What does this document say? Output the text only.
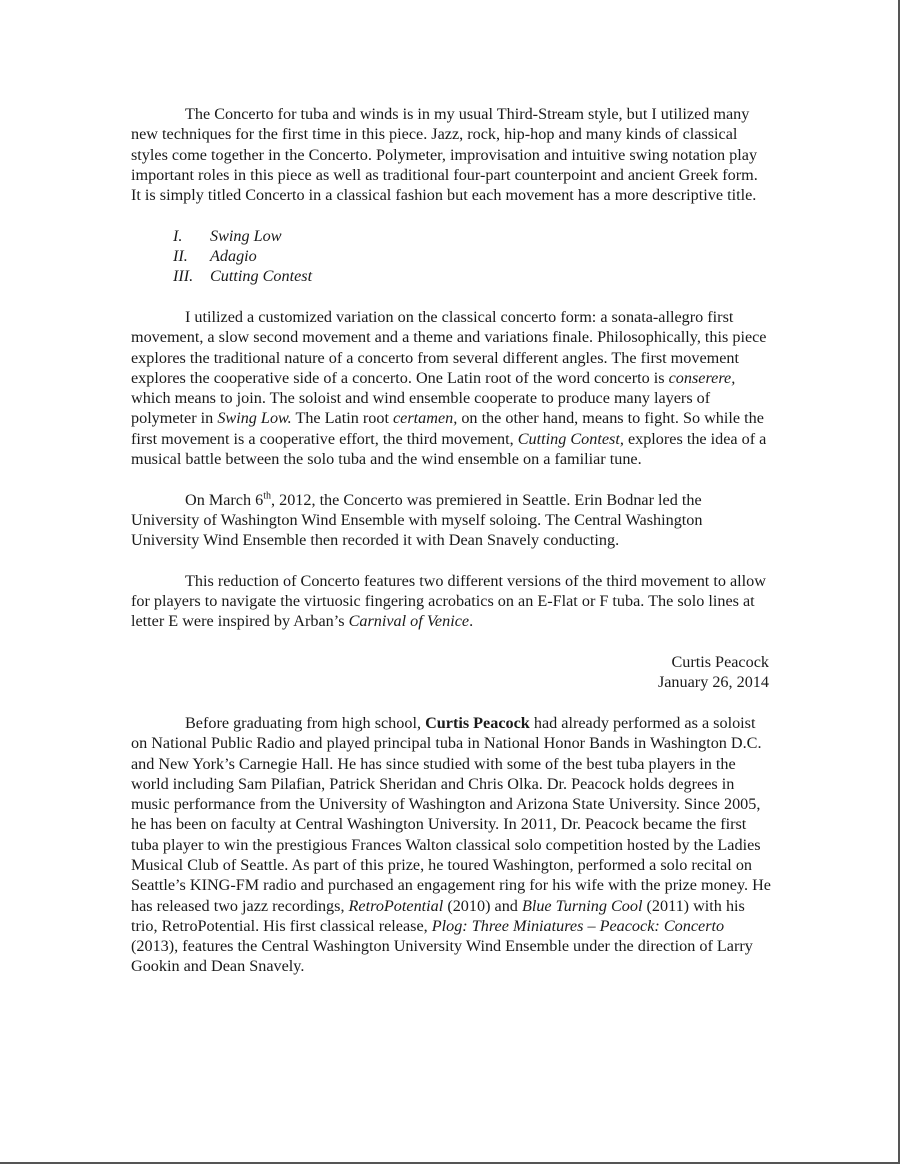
The Concerto for tuba and winds is in my usual Third-Stream style, but I utilized many new techniques for the first time in this piece. Jazz, rock, hip-hop and many kinds of classical styles come together in the Concerto. Polymeter, improvisation and intuitive swing notation play important roles in this piece as well as traditional four-part counterpoint and ancient Greek form. It is simply titled Concerto in a classical fashion but each movement has a more descriptive title.

I.	Swing Low
II.	Adagio
III.	Cutting Contest

I utilized a customized variation on the classical concerto form: a sonata-allegro first movement, a slow second movement and a theme and variations finale. Philosophically, this piece explores the traditional nature of a concerto from several different angles. The first movement explores the cooperative side of a concerto. One Latin root of the word concerto is conserere, which means to join. The soloist and wind ensemble cooperate to produce many layers of polymeter in Swing Low. The Latin root certamen, on the other hand, means to fight. So while the first movement is a cooperative effort, the third movement, Cutting Contest, explores the idea of a musical battle between the solo tuba and the wind ensemble on a familiar tune.

On March 6th, 2012, the Concerto was premiered in Seattle. Erin Bodnar led the University of Washington Wind Ensemble with myself soloing. The Central Washington University Wind Ensemble then recorded it with Dean Snavely conducting.

This reduction of Concerto features two different versions of the third movement to allow for players to navigate the virtuosic fingering acrobatics on an E-Flat or F tuba. The solo lines at letter E were inspired by Arban’s Carnival of Venice.

Curtis Peacock

January 26, 2014

Before graduating from high school, Curtis Peacock had already performed as a soloist on National Public Radio and played principal tuba in National Honor Bands in Washington D.C. and New York’s Carnegie Hall. He has since studied with some of the best tuba players in the world including Sam Pilafian, Patrick Sheridan and Chris Olka. Dr. Peacock holds degrees in music performance from the University of Washington and Arizona State University. Since 2005, he has been on faculty at Central Washington University. In 2011, Dr. Peacock became the first tuba player to win the prestigious Frances Walton classical solo competition hosted by the Ladies Musical Club of Seattle. As part of this prize, he toured Washington, performed a solo recital on Seattle’s KING-FM radio and purchased an engagement ring for his wife with the prize money. He has released two jazz recordings, RetroPotential (2010) and Blue Turning Cool (2011) with his trio, RetroPotential. His first classical release, Plog: Three Miniatures – Peacock: Concerto (2013), features the Central Washington University Wind Ensemble under the direction of Larry Gookin and Dean Snavely.
